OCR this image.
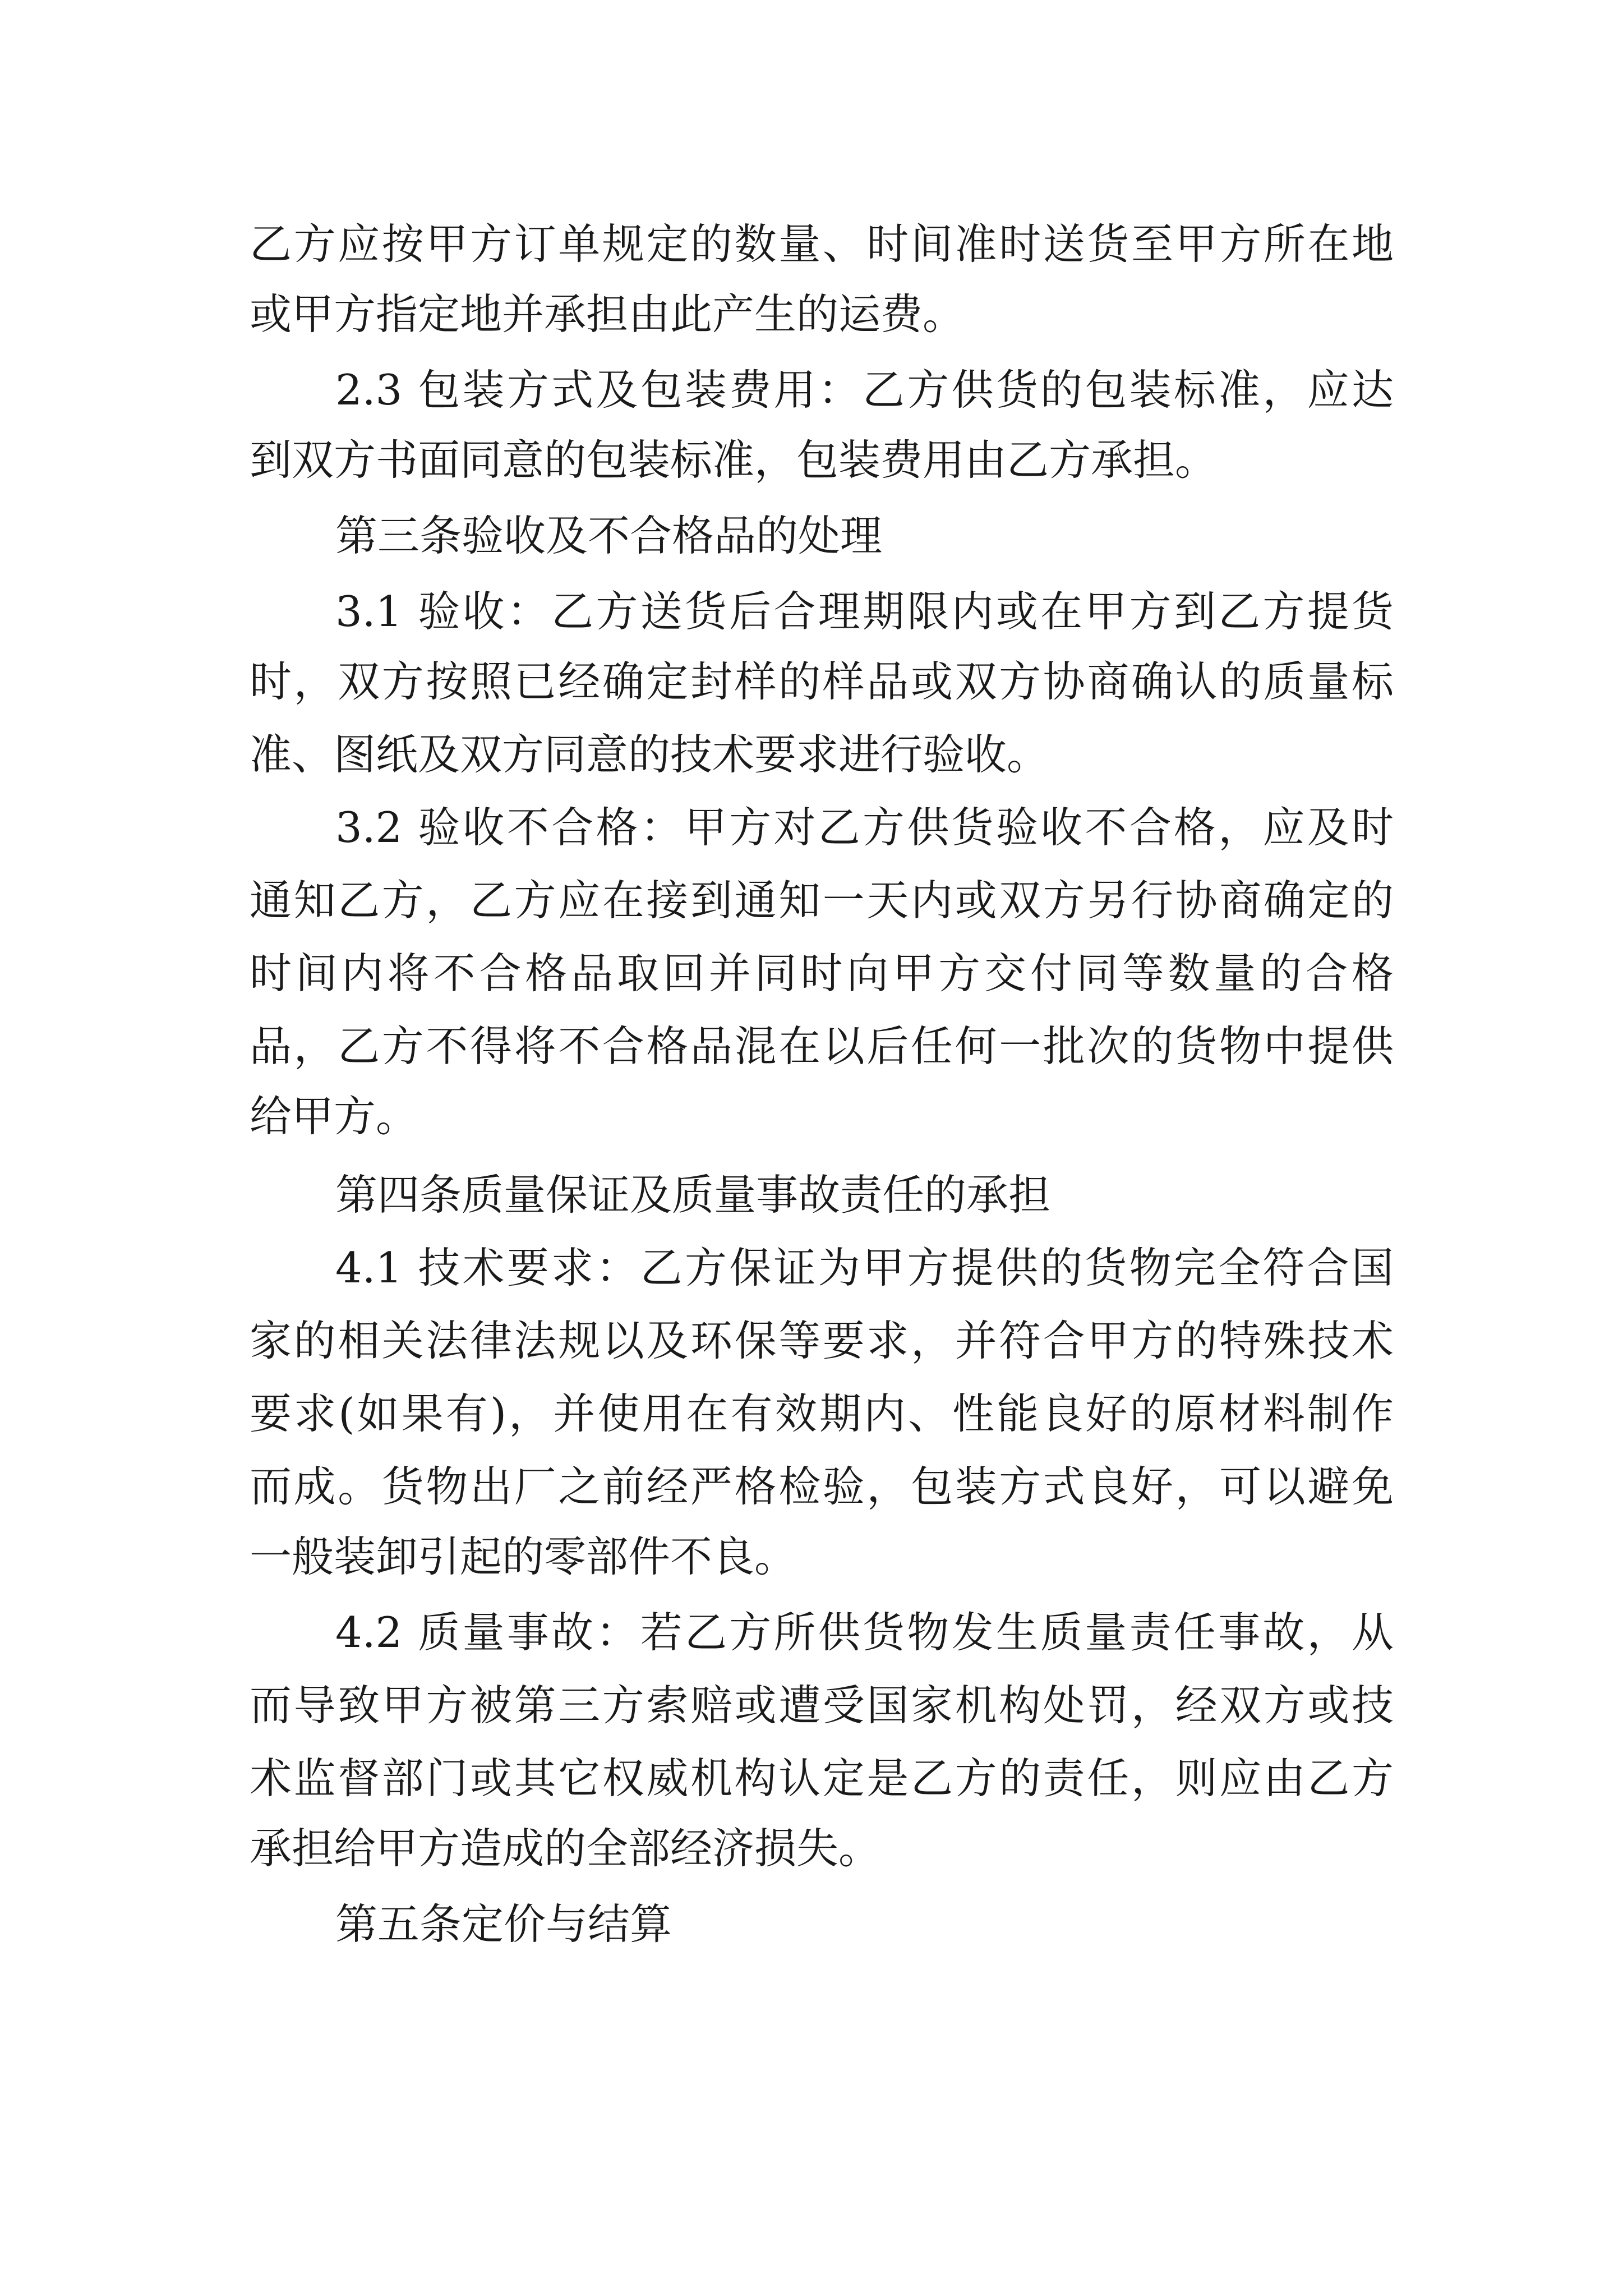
乙方应按甲方订单规定的数量、时间准时送货至甲方所在地
或甲方指定地并承担由此产生的运费。
2.3 包装方式及包装费用：乙方供货的包装标准，应达
到双方书面同意的包装标准，包装费用由乙方承担。
第三条验收及不合格品的处理
3.1 验收：乙方送货后合理期限内或在甲方到乙方提货
时，双方按照已经确定封样的样品或双方协商确认的质量标
准、图纸及双方同意的技术要求进行验收。
3.2 验收不合格：甲方对乙方供货验收不合格，应及时
通知乙方，乙方应在接到通知一天内或双方另行协商确定的
时间内将不合格品取回并同时向甲方交付同等数量的合格
品，乙方不得将不合格品混在以后任何一批次的货物中提供
给甲方。
第四条质量保证及质量事故责任的承担
4.1 技术要求：乙方保证为甲方提供的货物完全符合国
家的相关法律法规以及环保等要求，并符合甲方的特殊技术
要求(如果有)，并使用在有效期内、性能良好的原材料制作
而成。货物出厂之前经严格检验，包装方式良好，可以避免
一般装卸引起的零部件不良。
4.2 质量事故：若乙方所供货物发生质量责任事故，从
而导致甲方被第三方索赔或遭受国家机构处罚，经双方或技
术监督部门或其它权威机构认定是乙方的责任，则应由乙方
承担给甲方造成的全部经济损失。
第五条定价与结算
